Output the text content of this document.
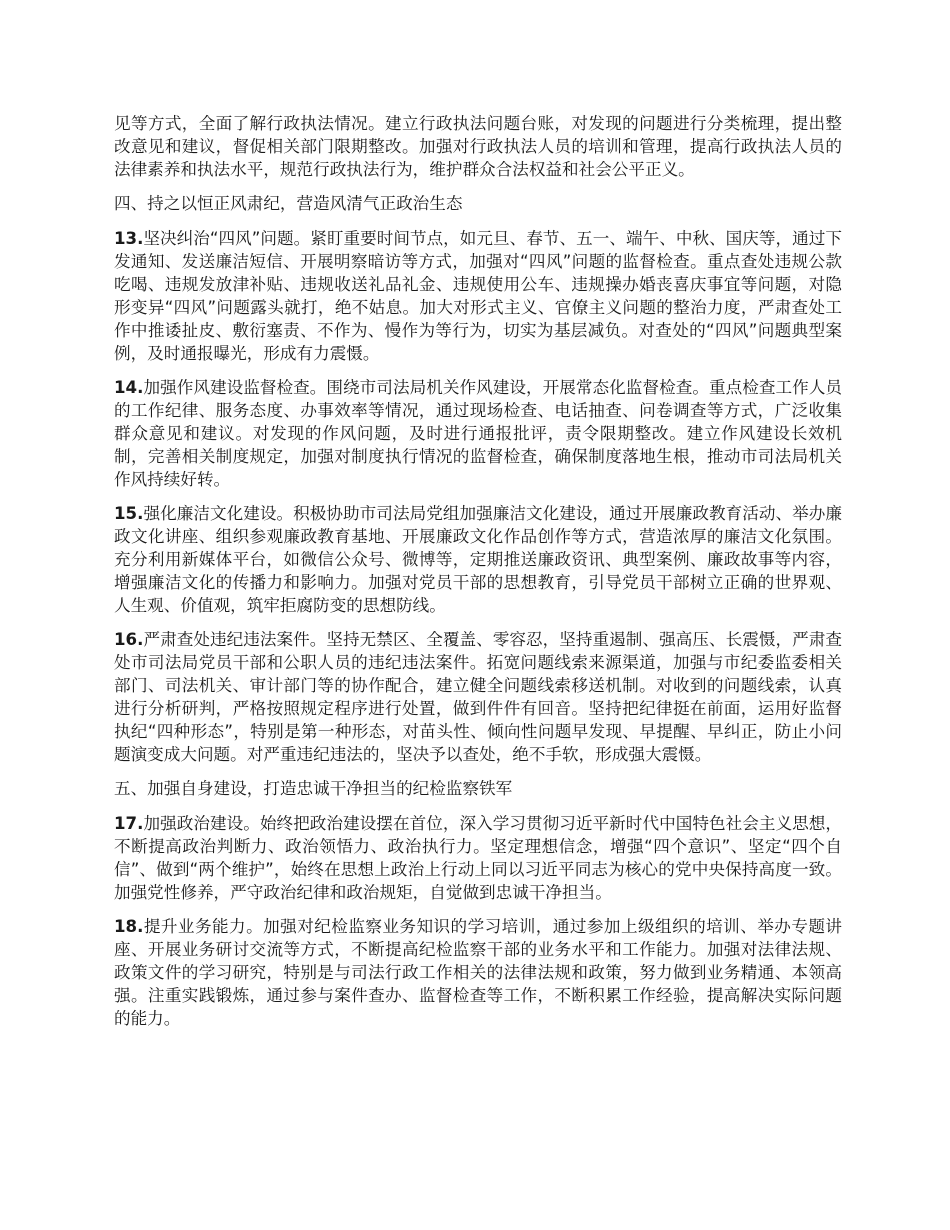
见等方式，全面了解行政执法情况。建立行政执法问题台账，对发现的问题进行分类梳理，提出整改意见和建议，督促相关部门限期整改。加强对行政执法人员的培训和管理，提高行政执法人员的法律素养和执法水平，规范行政执法行为，维护群众合法权益和社会公平正义。

四、持之以恒正风肃纪，营造风清气正政治生态

13.坚决纠治“四风”问题。紧盯重要时间节点，如元旦、春节、五一、端午、中秋、国庆等，通过下发通知、发送廉洁短信、开展明察暗访等方式，加强对“四风”问题的监督检查。重点查处违规公款吃喝、违规发放津补贴、违规收送礼品礼金、违规使用公车、违规操办婚丧喜庆事宜等问题，对隐形变异“四风”问题露头就打，绝不姑息。加大对形式主义、官僚主义问题的整治力度，严肃查处工作中推诿扯皮、敷衍塞责、不作为、慢作为等行为，切实为基层减负。对查处的“四风”问题典型案例，及时通报曝光，形成有力震慑。

14.加强作风建设监督检查。围绕市司法局机关作风建设，开展常态化监督检查。重点检查工作人员的工作纪律、服务态度、办事效率等情况，通过现场检查、电话抽查、问卷调查等方式，广泛收集群众意见和建议。对发现的作风问题，及时进行通报批评，责令限期整改。建立作风建设长效机制，完善相关制度规定，加强对制度执行情况的监督检查，确保制度落地生根，推动市司法局机关作风持续好转。

15.强化廉洁文化建设。积极协助市司法局党组加强廉洁文化建设，通过开展廉政教育活动、举办廉政文化讲座、组织参观廉政教育基地、开展廉政文化作品创作等方式，营造浓厚的廉洁文化氛围。充分利用新媒体平台，如微信公众号、微博等，定期推送廉政资讯、典型案例、廉政故事等内容，增强廉洁文化的传播力和影响力。加强对党员干部的思想教育，引导党员干部树立正确的世界观、人生观、价值观，筑牢拒腐防变的思想防线。

16.严肃查处违纪违法案件。坚持无禁区、全覆盖、零容忍，坚持重遏制、强高压、长震慑，严肃查处市司法局党员干部和公职人员的违纪违法案件。拓宽问题线索来源渠道，加强与市纪委监委相关部门、司法机关、审计部门等的协作配合，建立健全问题线索移送机制。对收到的问题线索，认真进行分析研判，严格按照规定程序进行处置，做到件件有回音。坚持把纪律挺在前面，运用好监督执纪“四种形态”，特别是第一种形态，对苗头性、倾向性问题早发现、早提醒、早纠正，防止小问题演变成大问题。对严重违纪违法的，坚决予以查处，绝不手软，形成强大震慑。

五、加强自身建设，打造忠诚干净担当的纪检监察铁军

17.加强政治建设。始终把政治建设摆在首位，深入学习贯彻习近平新时代中国特色社会主义思想，不断提高政治判断力、政治领悟力、政治执行力。坚定理想信念，增强“四个意识”、坚定“四个自信”、做到“两个维护”，始终在思想上政治上行动上同以习近平同志为核心的党中央保持高度一致。加强党性修养，严守政治纪律和政治规矩，自觉做到忠诚干净担当。

18.提升业务能力。加强对纪检监察业务知识的学习培训，通过参加上级组织的培训、举办专题讲座、开展业务研讨交流等方式，不断提高纪检监察干部的业务水平和工作能力。加强对法律法规、政策文件的学习研究，特别是与司法行政工作相关的法律法规和政策，努力做到业务精通、本领高强。注重实践锻炼，通过参与案件查办、监督检查等工作，不断积累工作经验，提高解决实际问题的能力。
